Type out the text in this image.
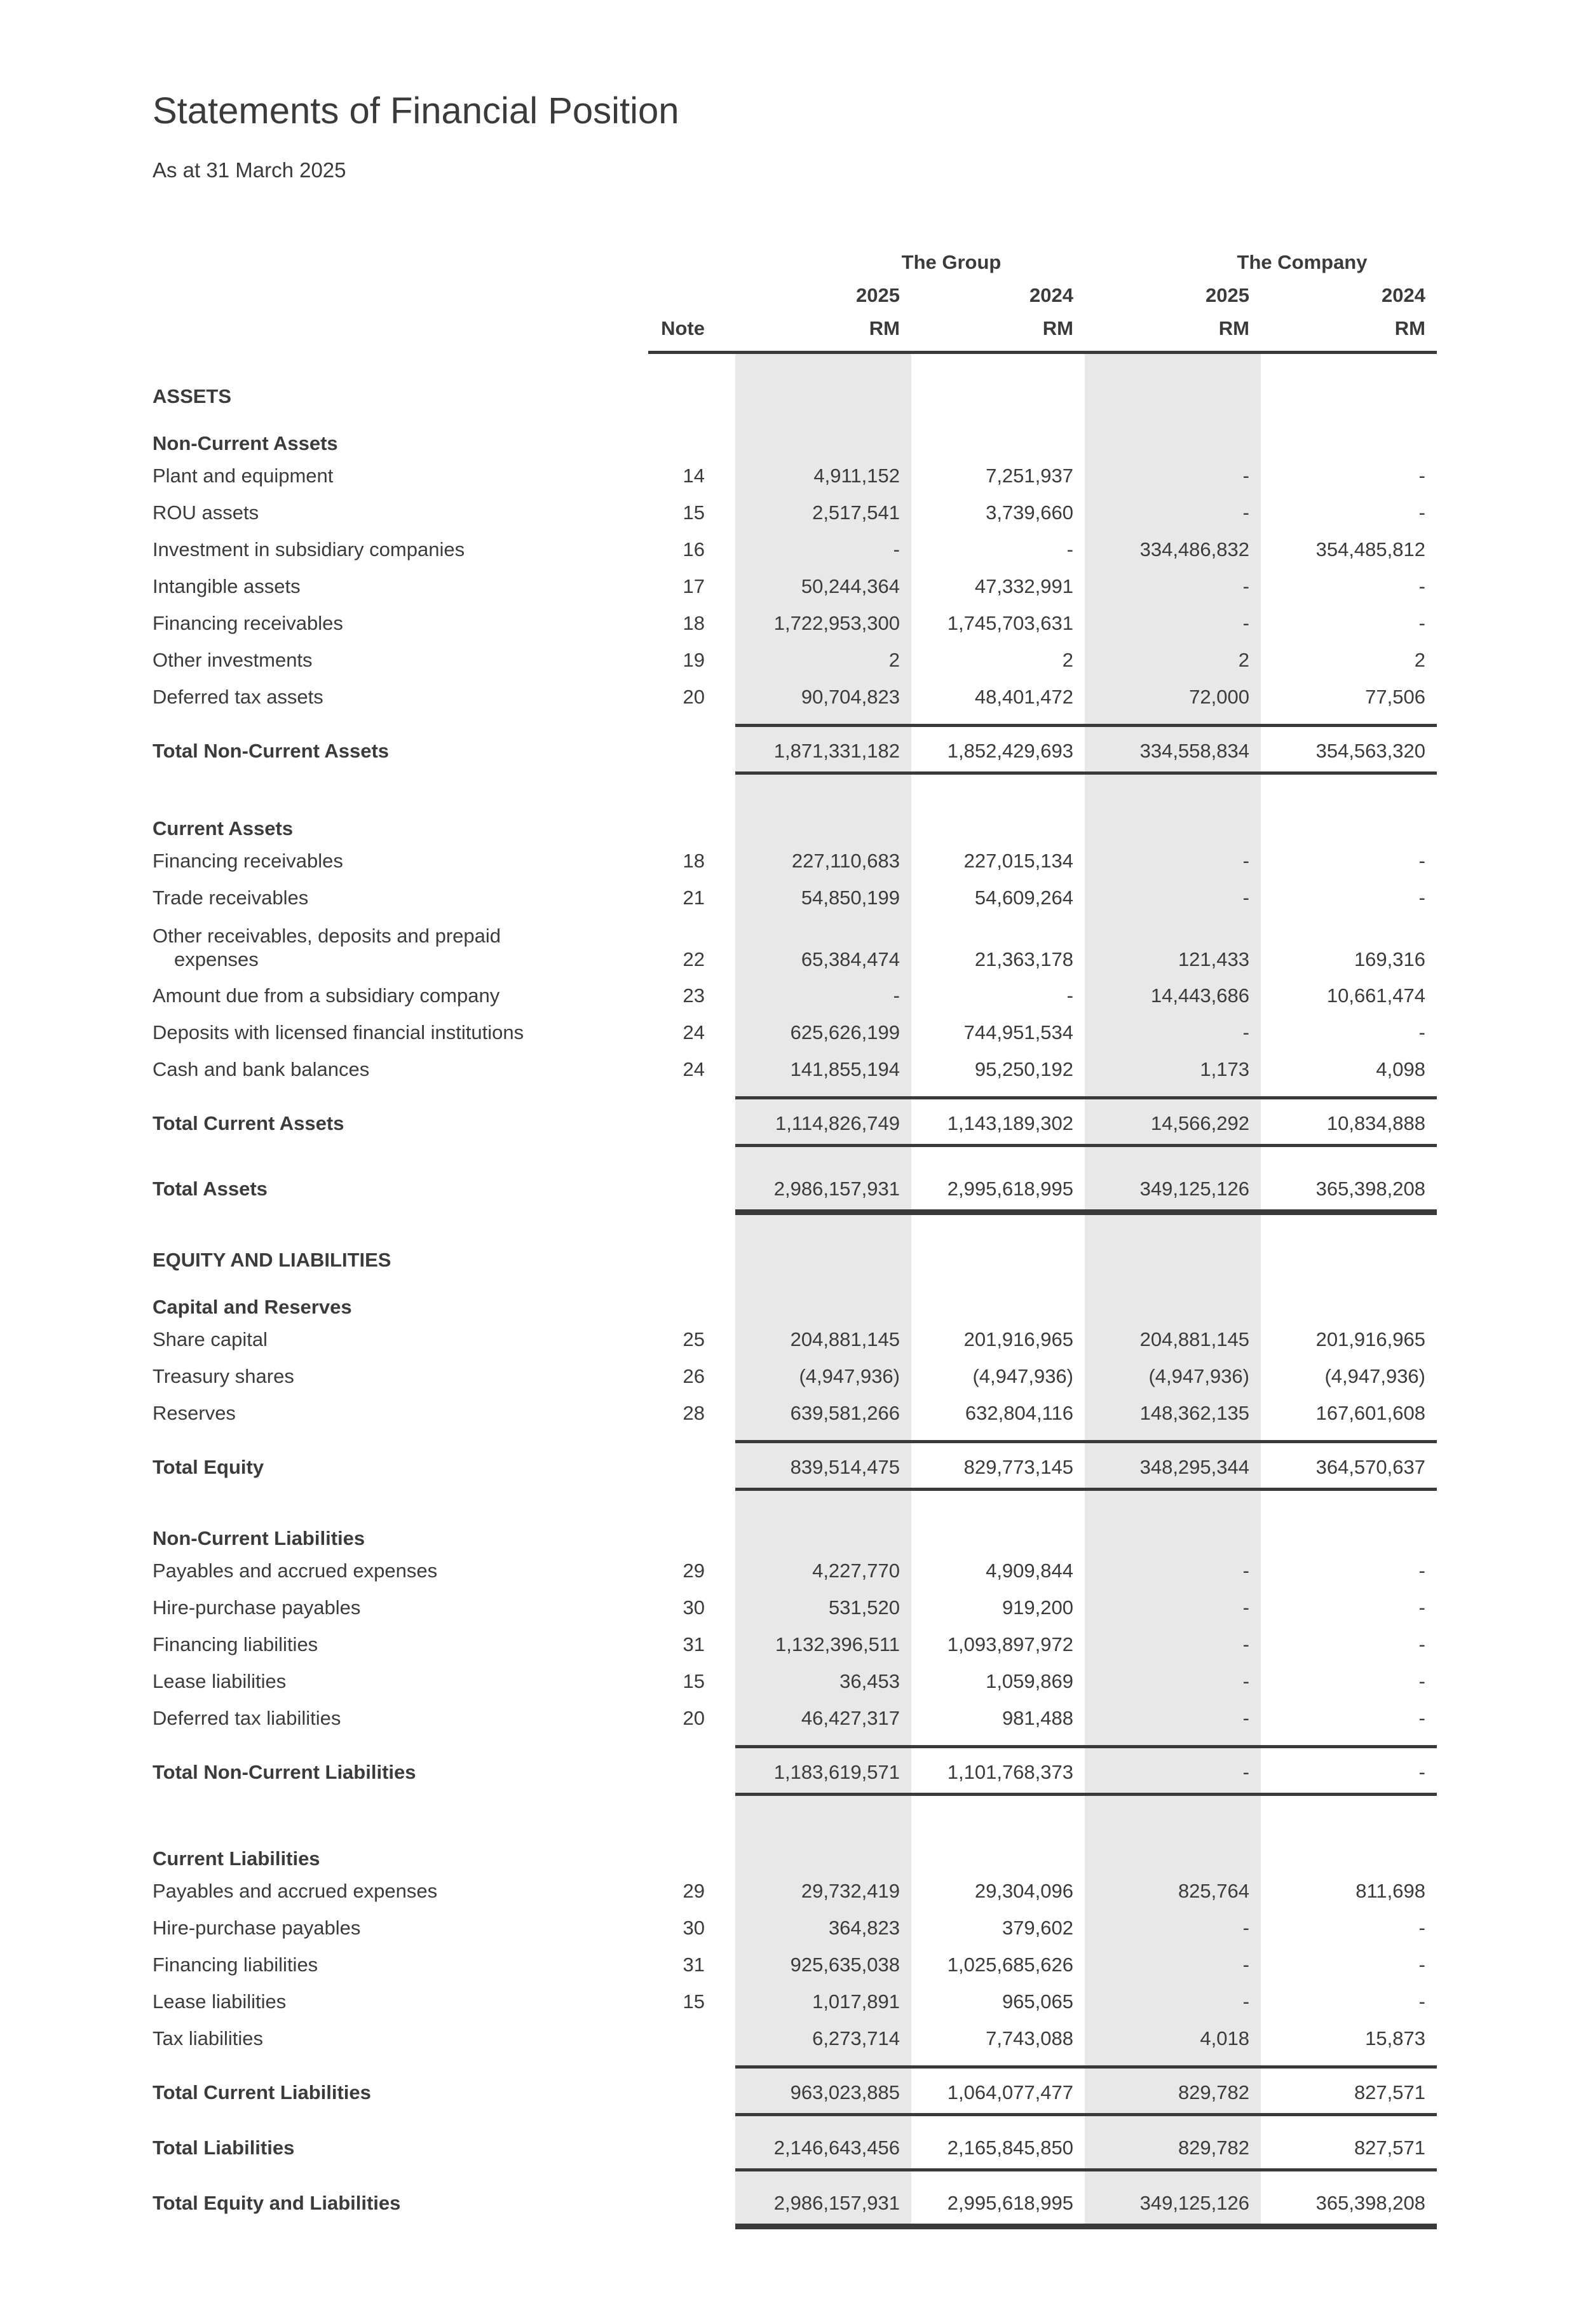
Statements of Financial Position
As at 31 March 2025
The Group	The Company
2025	2024	2025	2024
Note	RM	RM	RM	RM
ASSETS
Non-Current Assets
Plant and equipment	14	4,911,152	7,251,937	-	-
ROU assets	15	2,517,541	3,739,660	-	-
Investment in subsidiary companies	16	-	-	334,486,832	354,485,812
Intangible assets	17	50,244,364	47,332,991	-	-
Financing receivables	18	1,722,953,300	1,745,703,631	-	-
Other investments	19	2	2	2	2
Deferred tax assets	20	90,704,823	48,401,472	72,000	77,506
Total Non-Current Assets	1,871,331,182	1,852,429,693	334,558,834	354,563,320
Current Assets
Financing receivables	18	227,110,683	227,015,134	-	-
Trade receivables	21	54,850,199	54,609,264	-	-
Other receivables, deposits and prepaid
expenses	22	65,384,474	21,363,178	121,433	169,316
Amount due from a subsidiary company	23	-	-	14,443,686	10,661,474
Deposits with licensed financial institutions	24	625,626,199	744,951,534	-	-
Cash and bank balances	24	141,855,194	95,250,192	1,173	4,098
Total Current Assets	1,114,826,749	1,143,189,302	14,566,292	10,834,888
Total Assets	2,986,157,931	2,995,618,995	349,125,126	365,398,208
EQUITY AND LIABILITIES
Capital and Reserves
Share capital	25	204,881,145	201,916,965	204,881,145	201,916,965
Treasury shares	26	(4,947,936)	(4,947,936)	(4,947,936)	(4,947,936)
Reserves	28	639,581,266	632,804,116	148,362,135	167,601,608
Total Equity	839,514,475	829,773,145	348,295,344	364,570,637
Non-Current Liabilities
Payables and accrued expenses	29	4,227,770	4,909,844	-	-
Hire-purchase payables	30	531,520	919,200	-	-
Financing liabilities	31	1,132,396,511	1,093,897,972	-	-
Lease liabilities	15	36,453	1,059,869	-	-
Deferred tax liabilities	20	46,427,317	981,488	-	-
Total Non-Current Liabilities	1,183,619,571	1,101,768,373	-	-
Current Liabilities
Payables and accrued expenses	29	29,732,419	29,304,096	825,764	811,698
Hire-purchase payables	30	364,823	379,602	-	-
Financing liabilities	31	925,635,038	1,025,685,626	-	-
Lease liabilities	15	1,017,891	965,065	-	-
Tax liabilities	6,273,714	7,743,088	4,018	15,873
Total Current Liabilities	963,023,885	1,064,077,477	829,782	827,571
Total Liabilities	2,146,643,456	2,165,845,850	829,782	827,571
Total Equity and Liabilities	2,986,157,931	2,995,618,995	349,125,126	365,398,208
